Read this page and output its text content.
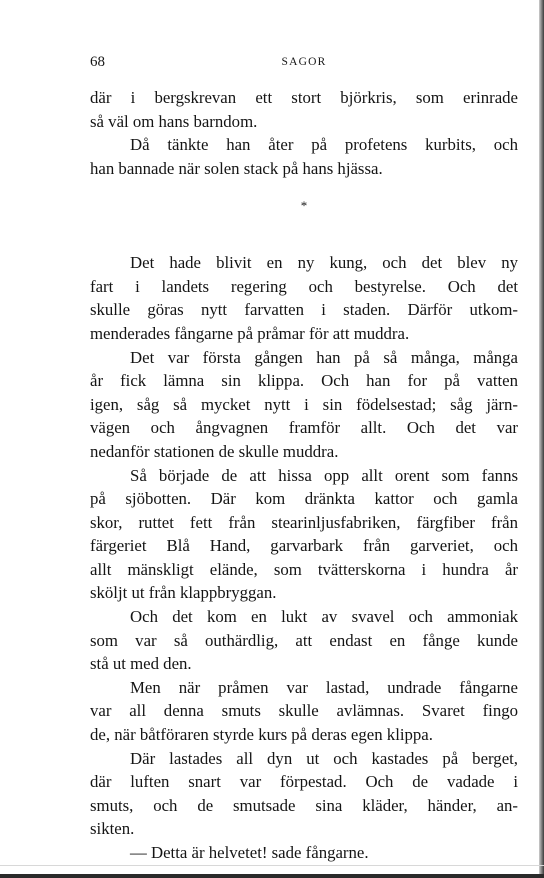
68	SAGOR
*
där i bergskrevan ett stort björkris, som erinrade
så väl om hans barndom.
Då tänkte han åter på profetens kurbits, och
han bannade när solen stack på hans hjässa.
Det hade blivit en ny kung, och det blev ny
fart i landets regering och bestyrelse. Och det
skulle göras nytt farvatten i staden. Därför utkom-
menderades fångarne på pråmar för att muddra.
Det var första gången han på så många, många
år fick lämna sin klippa. Och han for på vatten
igen, såg så mycket nytt i sin födelsestad; såg järn-
vägen och ångvagnen framför allt. Och det var
nedanför stationen de skulle muddra.
Så började de att hissa opp allt orent som fanns
på sjöbotten. Där kom dränkta kattor och gamla
skor, ruttet fett från stearinljusfabriken, färgfiber från
färgeriet Blå Hand, garvarbark från garveriet, och
allt mänskligt elände, som tvätterskorna i hundra år
sköljt ut från klappbryggan.
Och det kom en lukt av svavel och ammoniak
som var så outhärdlig, att endast en fånge kunde
stå ut med den.
Men när pråmen var lastad, undrade fångarne
var all denna smuts skulle avlämnas. Svaret fingo
de, när båtföraren styrde kurs på deras egen klippa.
Där lastades all dyn ut och kastades på berget,
där luften snart var förpestad. Och de vadade i
smuts, och de smutsade sina kläder, händer, an-
sikten.
— Detta är helvetet! sade fångarne.
